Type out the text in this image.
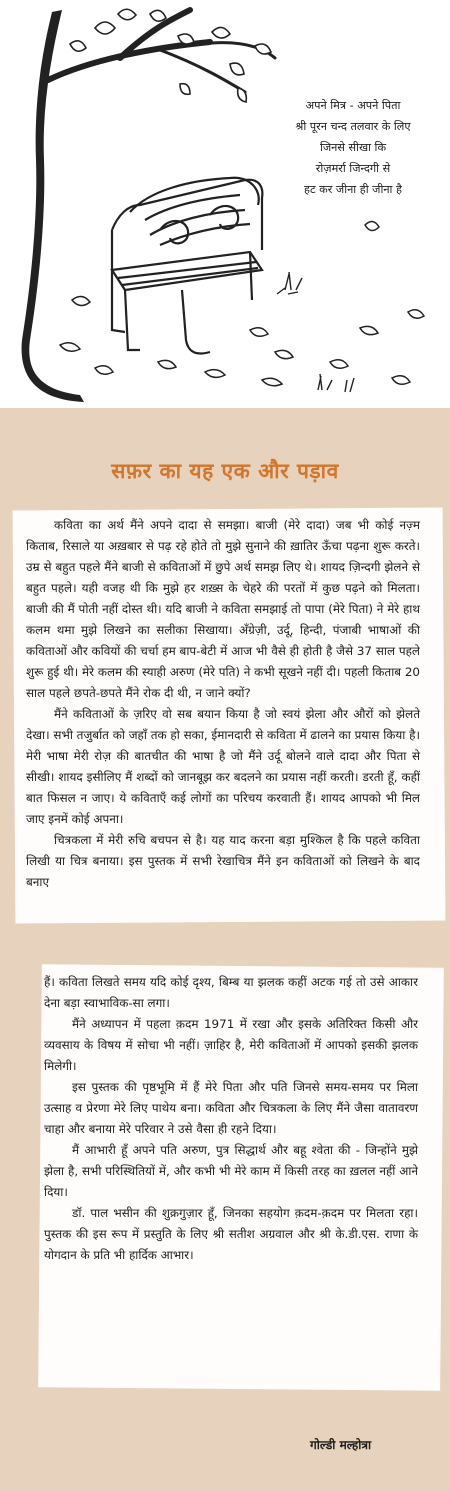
अपने मित्र - अपने पिता
श्री पूरन चन्द तलवार के लिए
जिनसे सीखा कि
रोज़मर्रा जिन्दगी से
हट कर जीना ही जीना है
सफ़र का यह एक और पड़ाव

कविता का अर्थ मैंने अपने दादा से समझा। बाजी (मेरे दादा) जब भी कोई नज़्म किताब, रिसाले या अख़बार से पढ़ रहे होते तो मुझे सुनाने की ख़ातिर ऊँचा पढ़ना शुरू करते। उम्र से बहुत पहले मैंने बाजी से कविताओं में छुपे अर्थ समझ लिए थे। शायद ज़िन्दगी झेलने से बहुत पहले। यही वजह थी कि मुझे हर शख़्स के चेहरे की परतों में कुछ पढ़ने को मिलता। बाजी की मैं पोती नहीं दोस्त थी। यदि बाजी ने कविता समझाई तो पापा (मेरे पिता) ने मेरे हाथ कलम थमा मुझे लिखने का सलीका सिखाया। अँग्रेज़ी, उर्दू, हिन्दी, पंजाबी भाषाओं की कविताओं और कवियों की चर्चा हम बाप-बेटी में आज भी वैसे ही होती है जैसे 37 साल पहले शुरू हुई थी। मेरे कलम की स्याही अरुण (मेरे पति) ने कभी सूखने नहीं दी। पहली किताब 20 साल पहले छपते-छपते मैंने रोक दी थी, न जाने क्यों?

मैंने कविताओं के ज़रिए वो सब बयान किया है जो स्वयं झेला और औरों को झेलते देखा। सभी तजुर्बात को जहाँ तक हो सका, ईमानदारी से कविता में ढालने का प्रयास किया है। मेरी भाषा मेरी रोज़ की बातचीत की भाषा है जो मैंने उर्दू बोलने वाले दादा और पिता से सीखी। शायद इसीलिए मैं शब्दों को जानबूझ कर बदलने का प्रयास नहीं करती। डरती हूँ, कहीं बात फिसल न जाए। ये कविताएँ कई लोगों का परिचय करवाती हैं। शायद आपको भी मिल जाए इनमें कोई अपना।

चित्रकला में मेरी रुचि बचपन से है। यह याद करना बड़ा मुश्किल है कि पहले कविता लिखी या चित्र बनाया। इस पुस्तक में सभी रेखाचित्र मैंने इन कविताओं को लिखने के बाद बनाए

हैं। कविता लिखते समय यदि कोई दृश्य, बिम्ब या झलक कहीं अटक गई तो उसे आकार देना बड़ा स्वाभाविक-सा लगा।

मैंने अध्यापन में पहला क़दम 1971 में रखा और इसके अतिरिक्त किसी और व्यवसाय के विषय में सोचा भी नहीं। ज़ाहिर है, मेरी कविताओं में आपको इसकी झलक मिलेगी।

इस पुस्तक की पृष्ठभूमि में हैं मेरे पिता और पति जिनसे समय-समय पर मिला उत्साह व प्रेरणा मेरे लिए पाथेय बना। कविता और चित्रकला के लिए मैंने जैसा वातावरण चाहा और बनाया मेरे परिवार ने उसे वैसा ही रहने दिया।

मैं आभारी हूँ अपने पति अरुण, पुत्र सिद्धार्थ और बहू श्वेता की - जिन्होंने मुझे झेला है, सभी परिस्थितियों में, और कभी भी मेरे काम में किसी तरह का ख़लल नहीं आने दिया।

डॉ. पाल भसीन की शुक्रगुज़ार हूँ, जिनका सहयोग क़दम-क़दम पर मिलता रहा। पुस्तक की इस रूप में प्रस्तुति के लिए श्री सतीश अग्रवाल और श्री के.डी.एस. राणा के योगदान के प्रति भी हार्दिक आभार।

गोल्डी मल्होत्रा
